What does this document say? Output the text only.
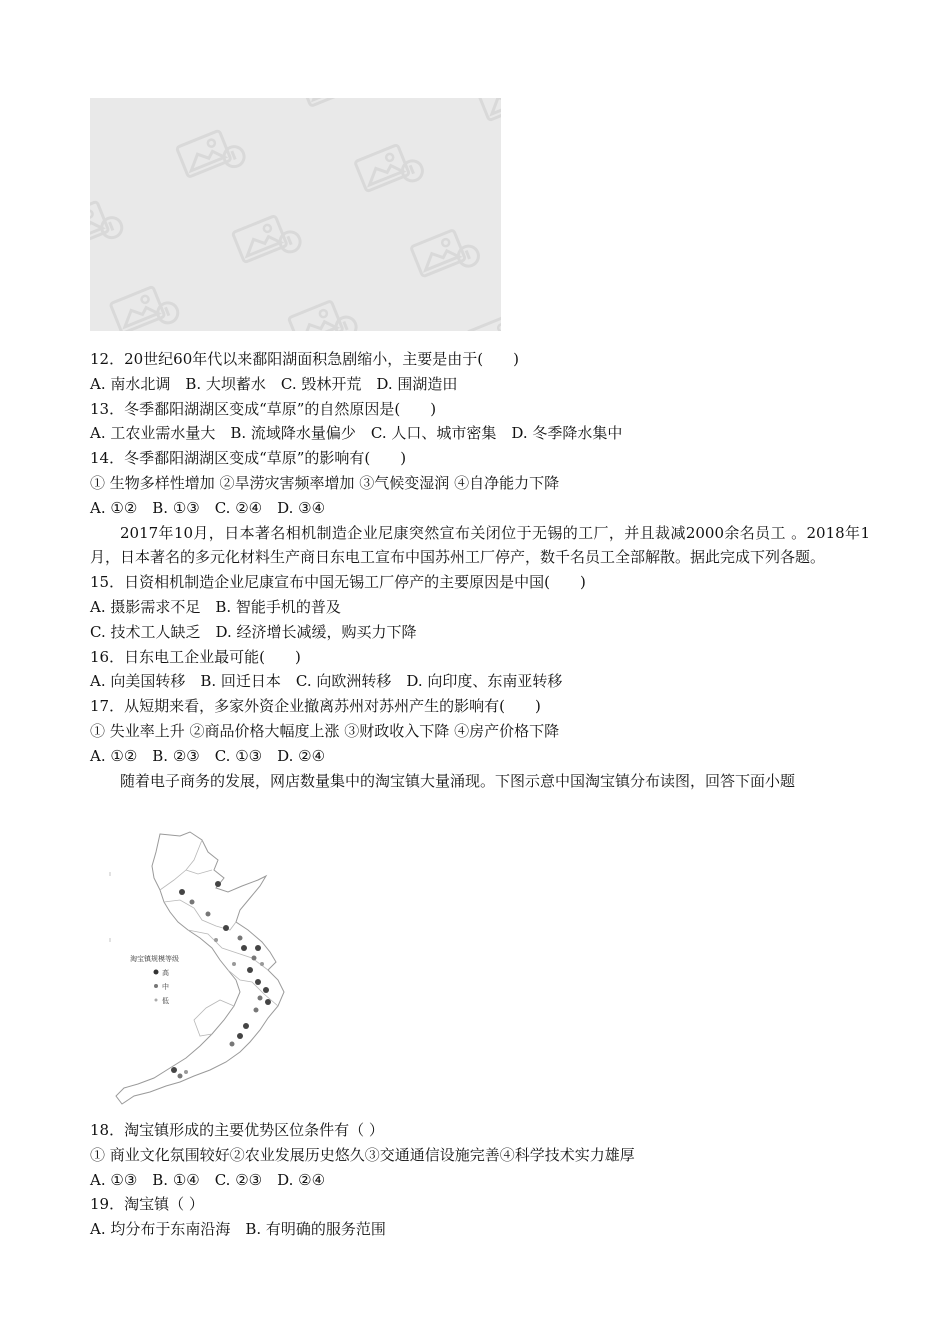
12．20世纪60年代以来鄱阳湖面积急剧缩小，主要是由于(　　)
A. 南水北调　B. 大坝蓄水　C. 毁林开荒　D. 围湖造田
13．冬季鄱阳湖湖区变成“草原”的自然原因是(　　)
A. 工农业需水量大　B. 流域降水量偏少　C. 人口、城市密集　D. 冬季降水集中
14．冬季鄱阳湖湖区变成“草原”的影响有(　　)
① 生物多样性增加 ②旱涝灾害频率增加 ③气候变湿润 ④自净能力下降
A. ①②　B. ①③　C. ②④　D. ③④
2017年10月，日本著名相机制造企业尼康突然宣布关闭位于无锡的工厂，并且裁减2000余名员工 。2018年1月，日本著名的多元化材料生产商日东电工宣布中国苏州工厂停产，数千名员工全部解散。据此完成下列各题。
15．日资相机制造企业尼康宣布中国无锡工厂停产的主要原因是中国(　　)
A. 摄影需求不足　B. 智能手机的普及
C. 技术工人缺乏　D. 经济增长减缓，购买力下降
16．日东电工企业最可能(　　)
A. 向美国转移　B. 回迁日本　C. 向欧洲转移　D. 向印度、东南亚转移
17．从短期来看，多家外资企业撤离苏州对苏州产生的影响有(　　)
① 失业率上升 ②商品价格大幅度上涨 ③财政收入下降 ④房产价格下降
A. ①②　B. ②③　C. ①③　D. ②④
随着电子商务的发展，网店数量集中的淘宝镇大量涌现。下图示意中国淘宝镇分布读图，回答下面小题
淘宝镇规模等级
高
中
低
18．淘宝镇形成的主要优势区位条件有（ ）
① 商业文化氛围较好②农业发展历史悠久③交通通信设施完善④科学技术实力雄厚
A. ①③　B. ①④　C. ②③　D. ②④
19．淘宝镇（ ）
A. 均分布于东南沿海　B. 有明确的服务范围
